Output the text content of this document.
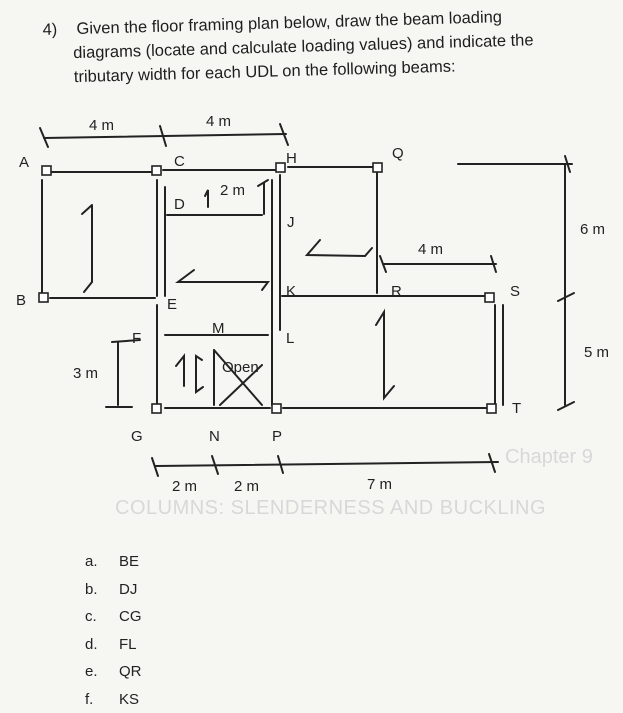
4)	Given the floor framing plan below, draw the beam loading
diagrams (locate and calculate loading values) and indicate the
tributary width for each UDL on the following beams:
Chapter 9
COLUMNS: SLENDERNESS AND BUCKLING
A
B
C
D
E
F
G
H
J
K
L
M
N	P
Q
R	S
T
4 m	4 m
2 m
4 m
6 m
5 m
3 m
2 m 2 m	7 m
Open
a.	BE
b.	DJ
c.	CG
d.	FL
e.	QR
f.	KS
